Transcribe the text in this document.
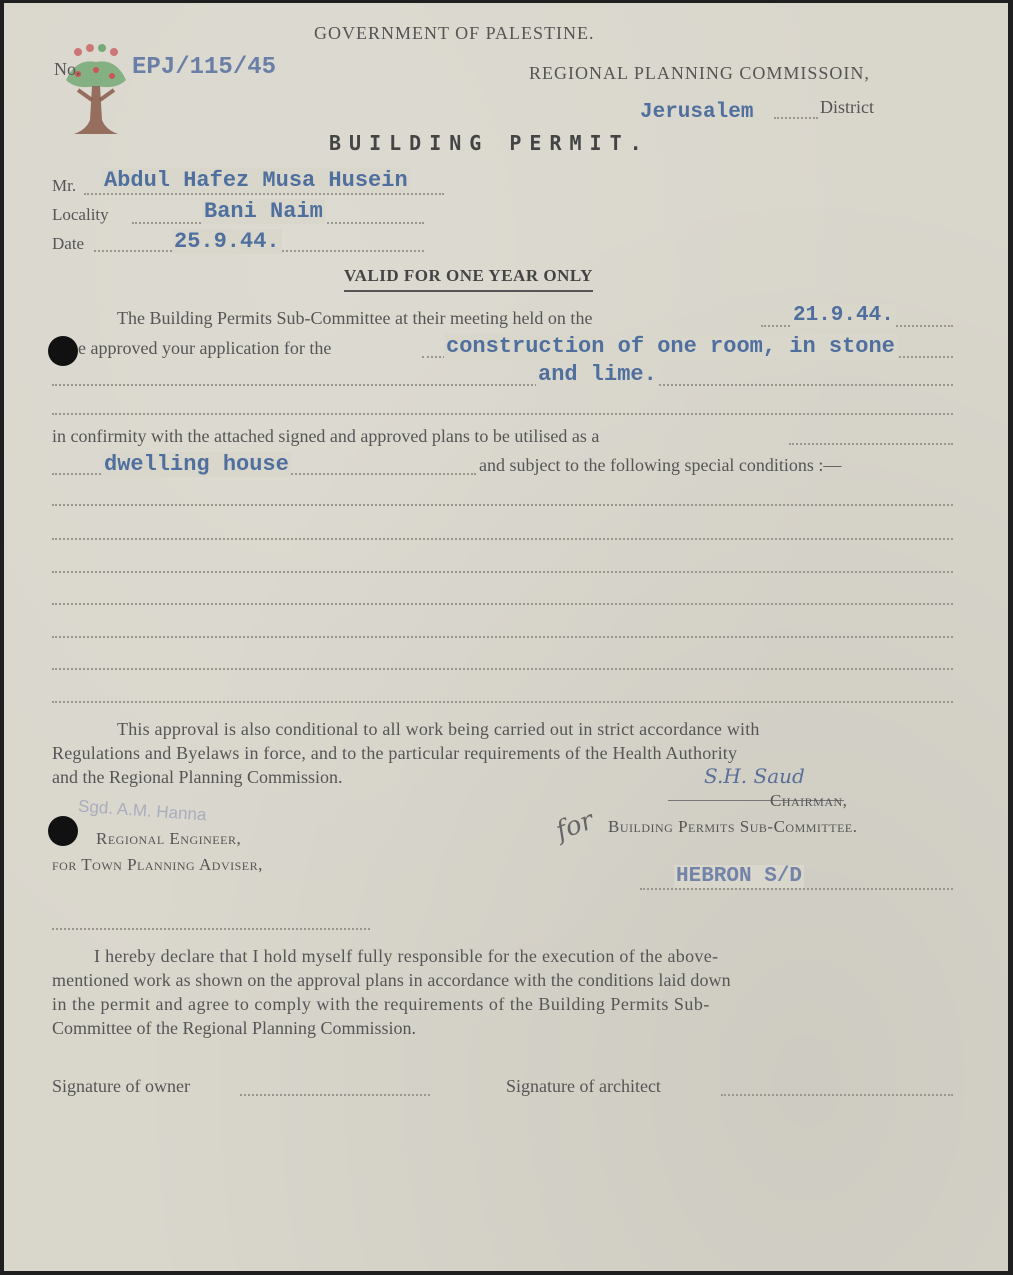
GOVERNMENT OF PALESTINE.
No. EPJ/115/45	REGIONAL PLANNING COMMISSOIN,
Jerusalem	District
BUILDING PERMIT.
Mr. Abdul Hafez Musa Husein
Locality	Bani Naim
Date	25.9.44.
VALID FOR ONE YEAR ONLY
The Building Permits Sub-Committee at their meeting held on the	21.9.44.
e approved your application for the	construction of one room, in stone
and lime.
in confirmity with the attached signed and approved plans to be utilised as a
dwelling house	and subject to the following special conditions :—
This approval is also conditional to all work being carried out in strict accordance with
Regulations and Byelaws in force, and to the particular requirements of the Health Authority
and the Regional Planning Commission.	S.H. Saud
Chairman,
for Building Permits Sub-Committee.
HEBRON S/D
Sgd. A.M. Hanna
Regional Engineer,
for Town Planning Adviser,
I hereby declare that I hold myself fully responsible for the execution of the above-
mentioned work as shown on the approval plans in accordance with the conditions laid down
in the permit and agree to comply with the requirements of the Building Permits Sub-
Committee of the Regional Planning Commission.
Signature of owner	Signature of architect
